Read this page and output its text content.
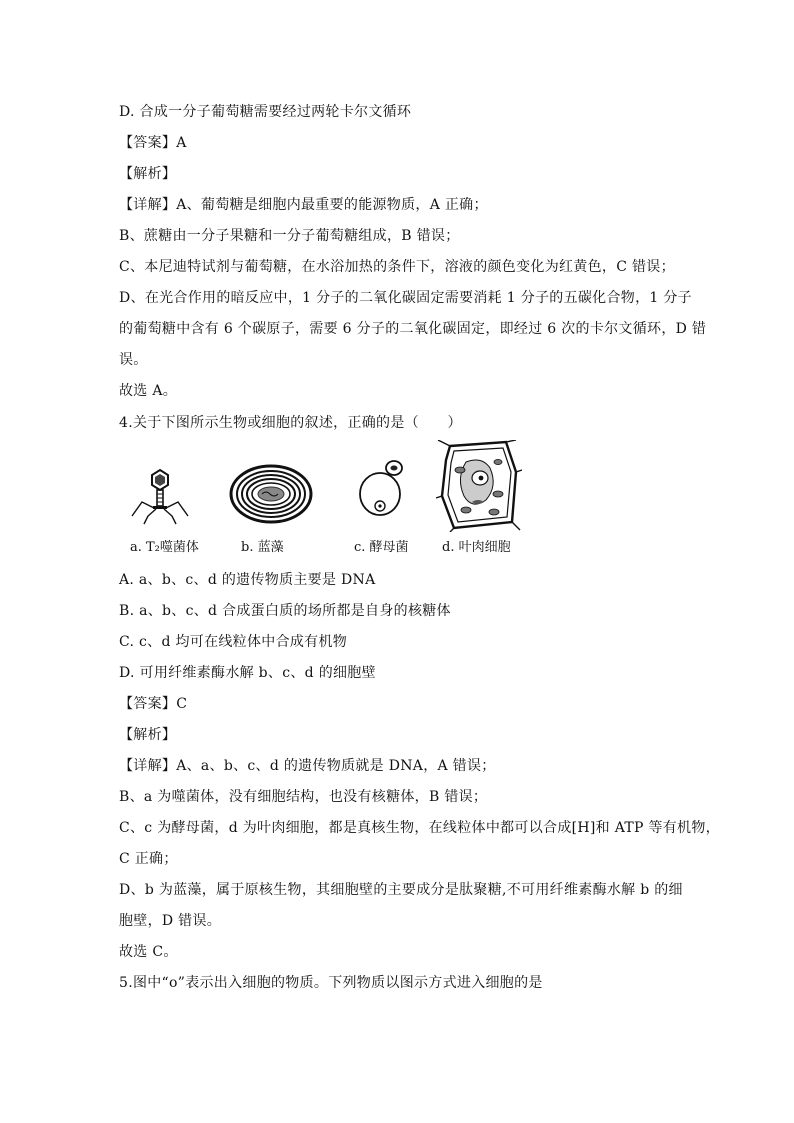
D. 合成一分子葡萄糖需要经过两轮卡尔文循环
【答案】A
【解析】
【详解】A、葡萄糖是细胞内最重要的能源物质，A 正确；
B、蔗糖由一分子果糖和一分子葡萄糖组成，B 错误；
C、本尼迪特试剂与葡萄糖，在水浴加热的条件下，溶液的颜色变化为红黄色，C 错误；
D、在光合作用的暗反应中，1 分子的二氧化碳固定需要消耗 1 分子的五碳化合物，1 分子
的葡萄糖中含有 6 个碳原子，需要 6 分子的二氧化碳固定，即经过 6 次的卡尔文循环，D 错
误。
故选 A。
4.关于下图所示生物或细胞的叙述，正确的是（　　）
a. T₂噬菌体	b. 蓝藻	c. 酵母菌	d. 叶肉细胞
A. a、b、c、d 的遗传物质主要是 DNA
B. a、b、c、d 合成蛋白质的场所都是自身的核糖体
C. c、d 均可在线粒体中合成有机物
D. 可用纤维素酶水解 b、c、d 的细胞壁
【答案】C
【解析】
【详解】A、a、b、c、d 的遗传物质就是 DNA，A 错误；
B、a 为噬菌体，没有细胞结构，也没有核糖体，B 错误；
C、c 为酵母菌，d 为叶肉细胞，都是真核生物，在线粒体中都可以合成[H]和 ATP 等有机物，
C 正确；
D、b 为蓝藻，属于原核生物，其细胞壁的主要成分是肽聚糖,不可用纤维素酶水解 b 的细
胞壁，D 错误。
故选 C。
5.图中“ο”表示出入细胞的物质。下列物质以图示方式进入细胞的是
